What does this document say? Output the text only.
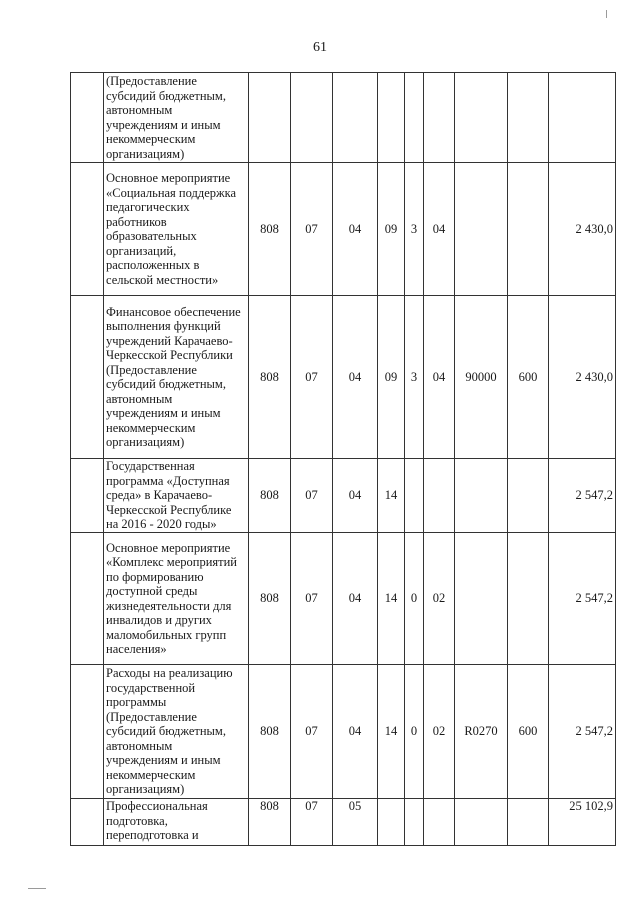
61
	(Предоставление субсидий бюджетным, автономным учреждениям и иным некоммерческим организациям)									
	Основное мероприятие «Социальная поддержка педагогических работников образовательных организаций, расположенных в сельской местности»	808	07	04	09	3	04			2 430,0
	Финансовое обеспечение выполнения функций учреждений Карачаево-Черкесской Республики (Предоставление субсидий бюджетным, автономным учреждениям и иным некоммерческим организациям)	808	07	04	09	3	04	90000	600	2 430,0
	Государственная программа «Доступная среда» в Карачаево-Черкесской Республике на 2016 - 2020 годы»	808	07	04	14					2 547,2
	Основное мероприятие «Комплекс мероприятий по формированию доступной среды жизнедеятельности для инвалидов и других маломобильных групп населения»	808	07	04	14	0	02			2 547,2
	Расходы на реализацию государственной программы (Предоставление субсидий бюджетным, автономным учреждениям и иным некоммерческим организациям)	808	07	04	14	0	02	R0270	600	2 547,2
	Профессиональная подготовка, переподготовка и	808	07	05						25 102,9
